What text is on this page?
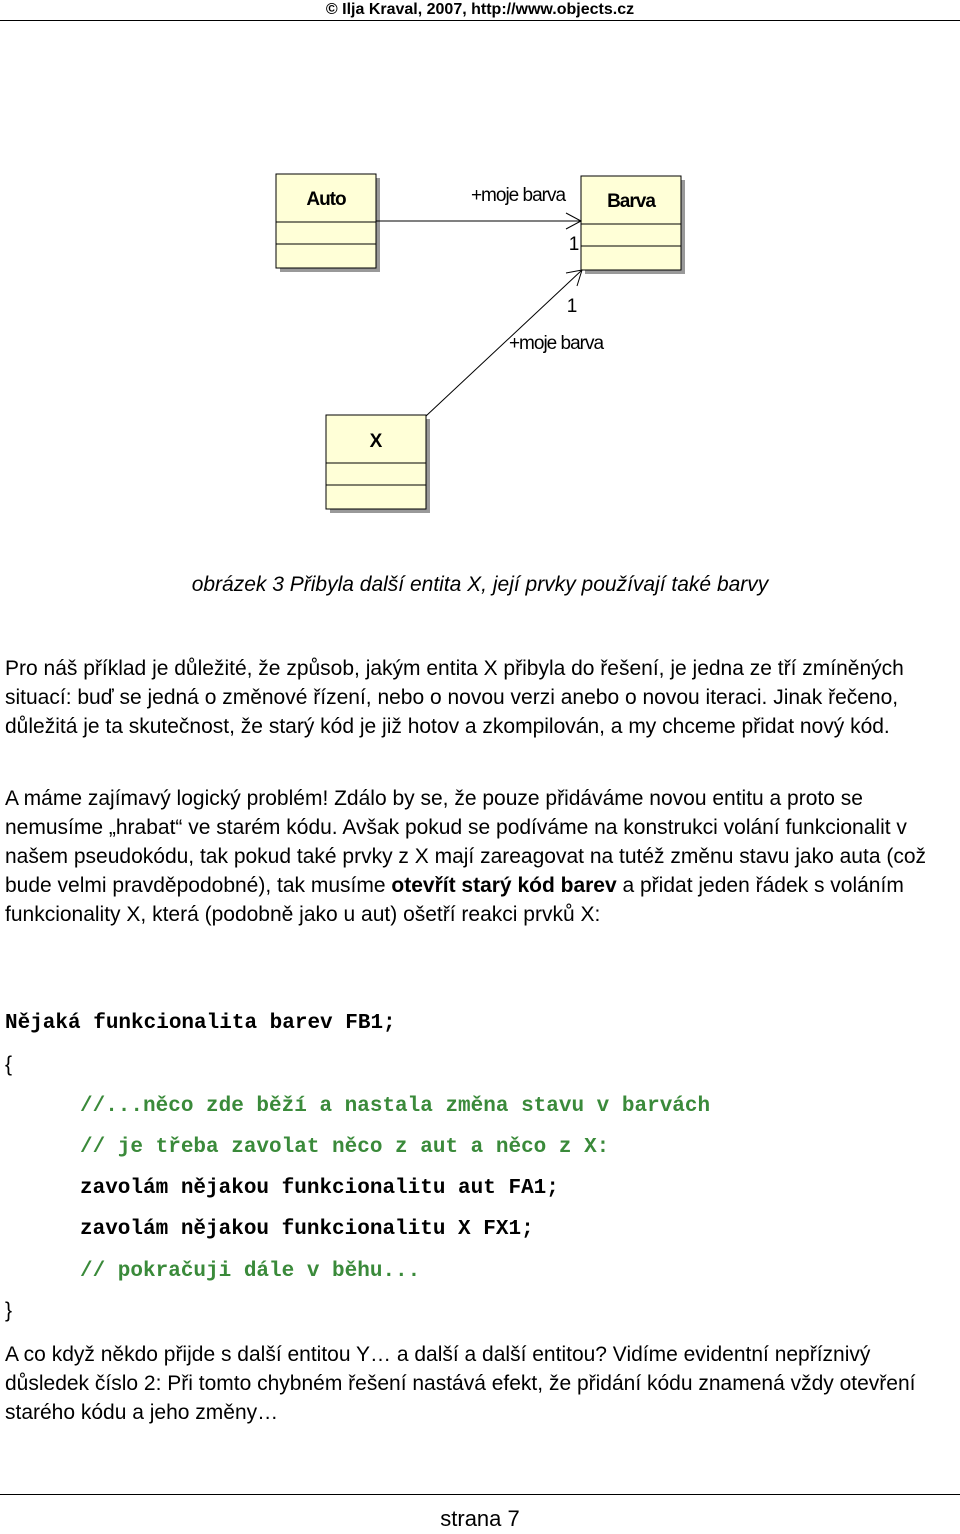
© Ilja Kraval, 2007, http://www.objects.cz
Auto	Barva
X
+moje barva
1
1
+moje barva
obrázek 3 Přibyla další entita X, její prvky používají také barvy

Pro náš příklad je důležité, že způsob, jakým entita X přibyla do řešení, je jedna ze tří zmíněných situací: buď se jedná o změnové řízení, nebo o novou verzi anebo o novou iteraci. Jinak řečeno, důležitá je ta skutečnost, že starý kód je již hotov a zkompilován, a my chceme přidat nový kód.

A máme zajímavý logický problém! Zdálo by se, že pouze přidáváme novou entitu a proto se nemusíme „hrabat“ ve starém kódu. Avšak pokud se podíváme na konstrukci volání funkcionalit v našem pseudokódu, tak pokud také prvky z X mají zareagovat na tutéž změnu stavu jako auta (což bude velmi pravděpodobné), tak musíme otevřít starý kód barev a přidat jeden řádek s voláním funkcionality X, která (podobně jako u aut) ošetří reakci prvků X:

Nějaká funkcionalita barev FB1;
{
//...něco zde běží a nastala změna stavu v barvách
// je třeba zavolat něco z aut a něco z X:
zavolám nějakou funkcionalitu aut FA1;
zavolám nějakou funkcionalitu X FX1;
// pokračuji dále v běhu...
}

A co když někdo přijde s další entitou Y… a další a další entitou? Vidíme evidentní nepříznivý důsledek číslo 2: Při tomto chybném řešení nastává efekt, že přidání kódu znamená vždy otevření starého kódu a jeho změny…

strana 7
